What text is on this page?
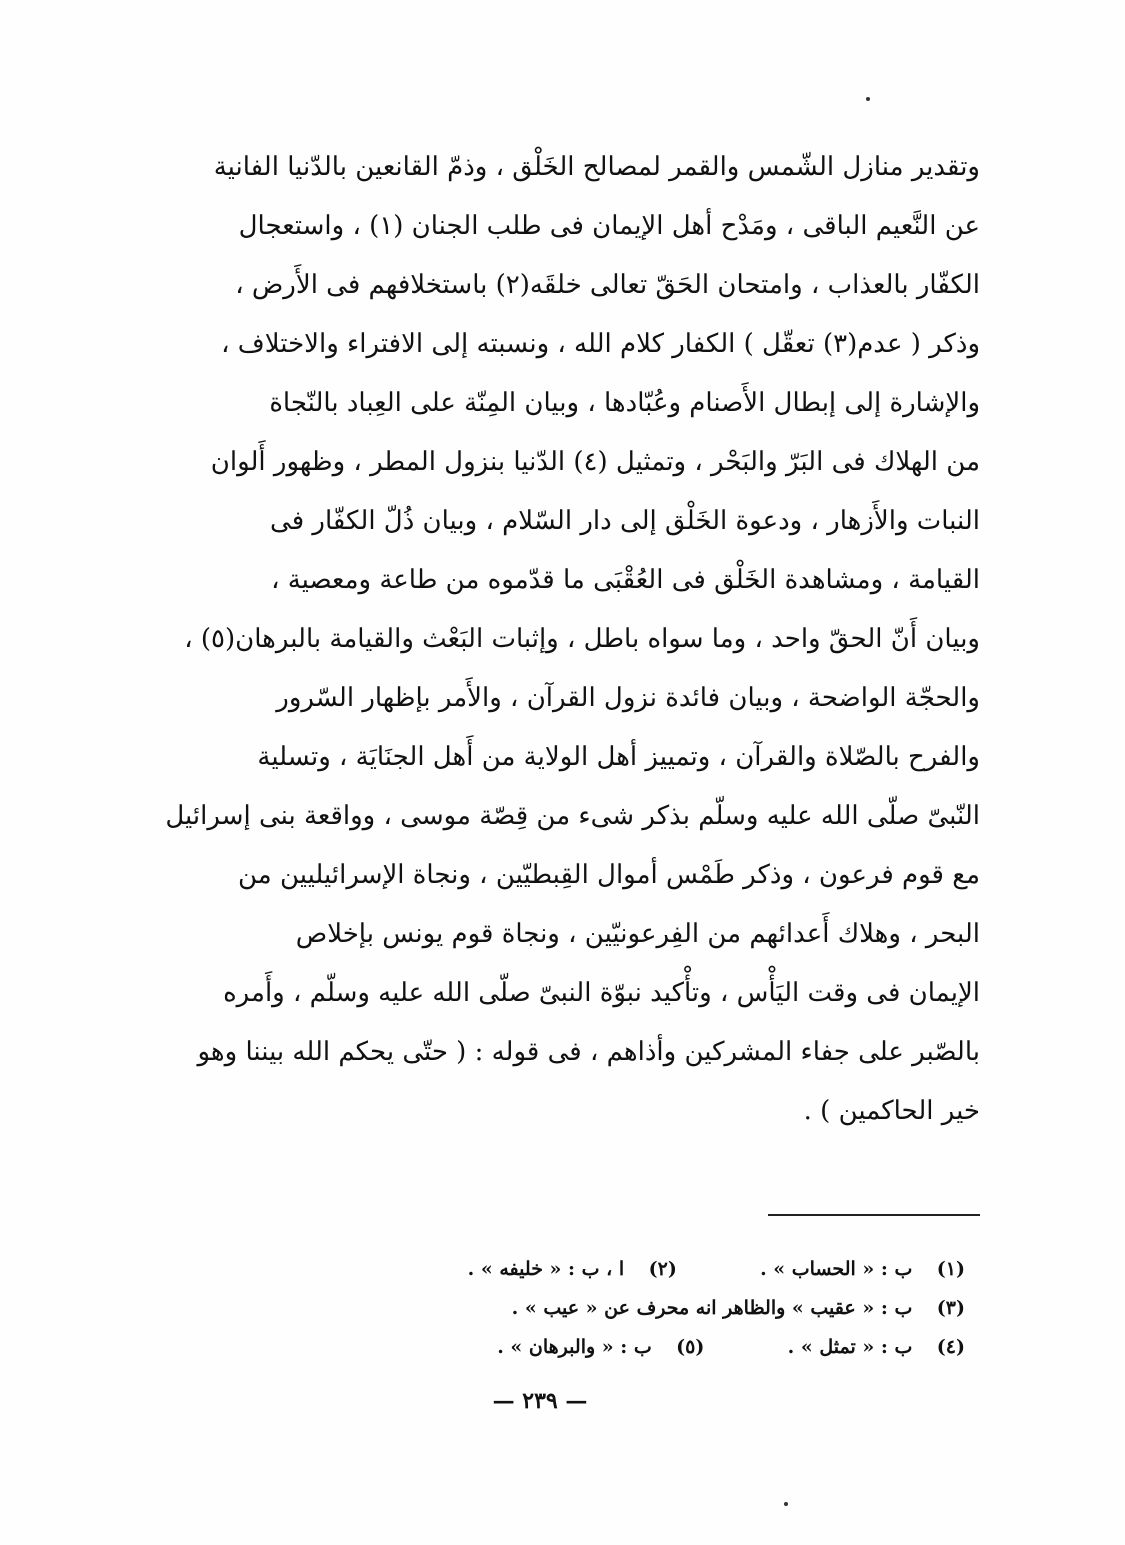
وتقدير منازل الشّمس والقمر لمصالح الخَلْق ، وذمّ القانعين بالدّنيا الفانية
عن النَّعيم الباقى ، ومَدْح أهل الإيمان فى طلب الجنان (١) ، واستعجال
الكفّار بالعذاب ، وامتحان الحَقّ تعالى خلقَه(٢) باستخلافهم فى الأَرض ،
وذكر ( عدم(٣) تعقّل ) الكفار كلام الله ، ونسبته إلى الافتراء والاختلاف ،
والإشارة إلى إبطال الأَصنام وعُبّادها ، وبيان المِنّة على العِباد بالنّجاة
من الهلاك فى البَرّ والبَحْر ، وتمثيل (٤) الدّنيا بنزول المطر ، وظهور أَلوان
النبات والأَزهار ، ودعوة الخَلْق إلى دار السّلام ، وبيان ذُلّ الكفّار فى
القيامة ، ومشاهدة الخَلْق فى العُقْبَى ما قدّموه من طاعة ومعصية ،
وبيان أَنّ الحقّ واحد ، وما سواه باطل ، وإثبات البَعْث والقيامة بالبرهان(٥) ،
والحجّة الواضحة ، وبيان فائدة نزول القرآن ، والأَمر بإظهار السّرور
والفرح بالصّلاة والقرآن ، وتمييز أهل الولاية من أَهل الجنَايَة ، وتسلية
النّبىّ صلّى الله عليه وسلّم بذكر شىء من قِصّة موسى ، وواقعة بنى إسرائيل
مع قوم فرعون ، وذكر طَمْس أموال القِبطيّين ، ونجاة الإسرائيليين من
البحر ، وهلاك أَعدائهم من الفِرعونيّين ، ونجاة قوم يونس بإخلاص
الإيمان فى وقت اليَأْس ، وتأْكيد نبوّة النبىّ صلّى الله عليه وسلّم ، وأَمره
بالصّبر على جفاء المشركين وأذاهم ، فى قوله : ( حتّى يحكم الله بيننا وهو
خير الحاكمين ) .
(١) ب : « الحساب » .  (٢) ا ، ب : « خليفه » .
(٣) ب : « عقيب » والظاهر انه محرف عن « عيب » .
(٤) ب : « تمثل » .  (٥) ب : « والبرهان » .
— ٢٣٩ —
